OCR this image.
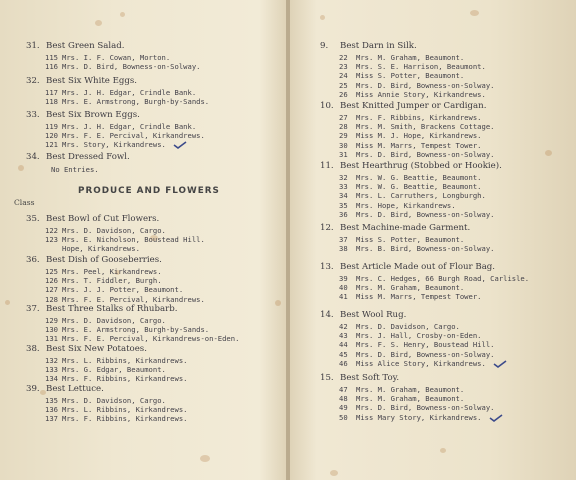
31. Best Green Salad.
115 Mrs. I. F. Cowan, Morton.
116 Mrs. D. Bird, Bowness-on-Solway.
32. Best Six White Eggs.
117 Mrs. J. H. Edgar, Crindle Bank.
118 Mrs. E. Armstrong, Burgh-by-Sands.
33. Best Six Brown Eggs.
119 Mrs. J. H. Edgar, Crindle Bank.
120 Mrs. F. E. Percival, Kirkandrews.
121 Mrs. Story, Kirkandrews.
34. Best Dressed Fowl.
No Entries.
PRODUCE AND FLOWERS
Class
35. Best Bowl of Cut Flowers.
122 Mrs. D. Davidson, Cargo.
123 Mrs. E. Nicholson, Boustead Hill.
Hope, Kirkandrews.
36. Best Dish of Gooseberries.
125 Mrs. Peel, Kirkandrews.
126 Mrs. T. Fiddler, Burgh.
127 Mrs. J. J. Potter, Beaumont.
128 Mrs. F. E. Percival, Kirkandrews.
37. Best Three Stalks of Rhubarb.
129 Mrs. D. Davidson, Cargo.
130 Mrs. E. Armstrong, Burgh-by-Sands.
131 Mrs. F. E. Percival, Kirkandrews-on-Eden.
38. Best Six New Potatoes.
132 Mrs. L. Ribbins, Kirkandrews.
133 Mrs. G. Edgar, Beaumont.
134 Mrs. F. Ribbins, Kirkandrews.
39. Best Lettuce.
135 Mrs. D. Davidson, Cargo.
136 Mrs. L. Ribbins, Kirkandrews.
137 Mrs. F. Ribbins, Kirkandrews.
9. Best Darn in Silk.
22 Mrs. M. Graham, Beaumont.
23 Mrs. S. E. Harrison, Beaumont.
24 Miss S. Potter, Beaumont.
25 Mrs. D. Bird, Bowness-on-Solway.
26 Miss Annie Story, Kirkandrews.
10. Best Knitted Jumper or Cardigan.
27 Mrs. F. Ribbins, Kirkandrews.
28 Mrs. M. Smith, Brackens Cottage.
29 Miss M. J. Hope, Kirkandrews.
30 Miss M. Marrs, Tempest Tower.
31 Mrs. D. Bird, Bowness-on-Solway.
11. Best Hearthrug (Stobbed or Hookie).
32 Mrs. W. G. Beattie, Beaumont.
33 Mrs. W. G. Beattie, Beaumont.
34 Mrs. L. Carruthers, Longburgh.
35 Mrs. Hope, Kirkandrews.
36 Mrs. D. Bird, Bowness-on-Solway.
12. Best Machine-made Garment.
37 Miss S. Potter, Beaumont.
38 Mrs. B. Bird, Bowness-on-Solway.
13. Best Article Made out of Flour Bag.
39 Mrs. C. Hedges, 66 Burgh Road, Carlisle.
40 Mrs. M. Graham, Beaumont.
41 Miss M. Marrs, Tempest Tower.
14. Best Wool Rug.
42 Mrs. D. Davidson, Cargo.
43 Mrs. J. Hall, Crosby-on-Eden.
44 Mrs. F. S. Henry, Boustead Hill.
45 Mrs. D. Bird, Bowness-on-Solway.
46 Miss Alice Story, Kirkandrews.
15. Best Soft Toy.
47 Mrs. M. Graham, Beaumont.
48 Mrs. M. Graham, Beaumont.
49 Mrs. D. Bird, Bowness-on-Solway.
50 Miss Mary Story, Kirkandrews.
